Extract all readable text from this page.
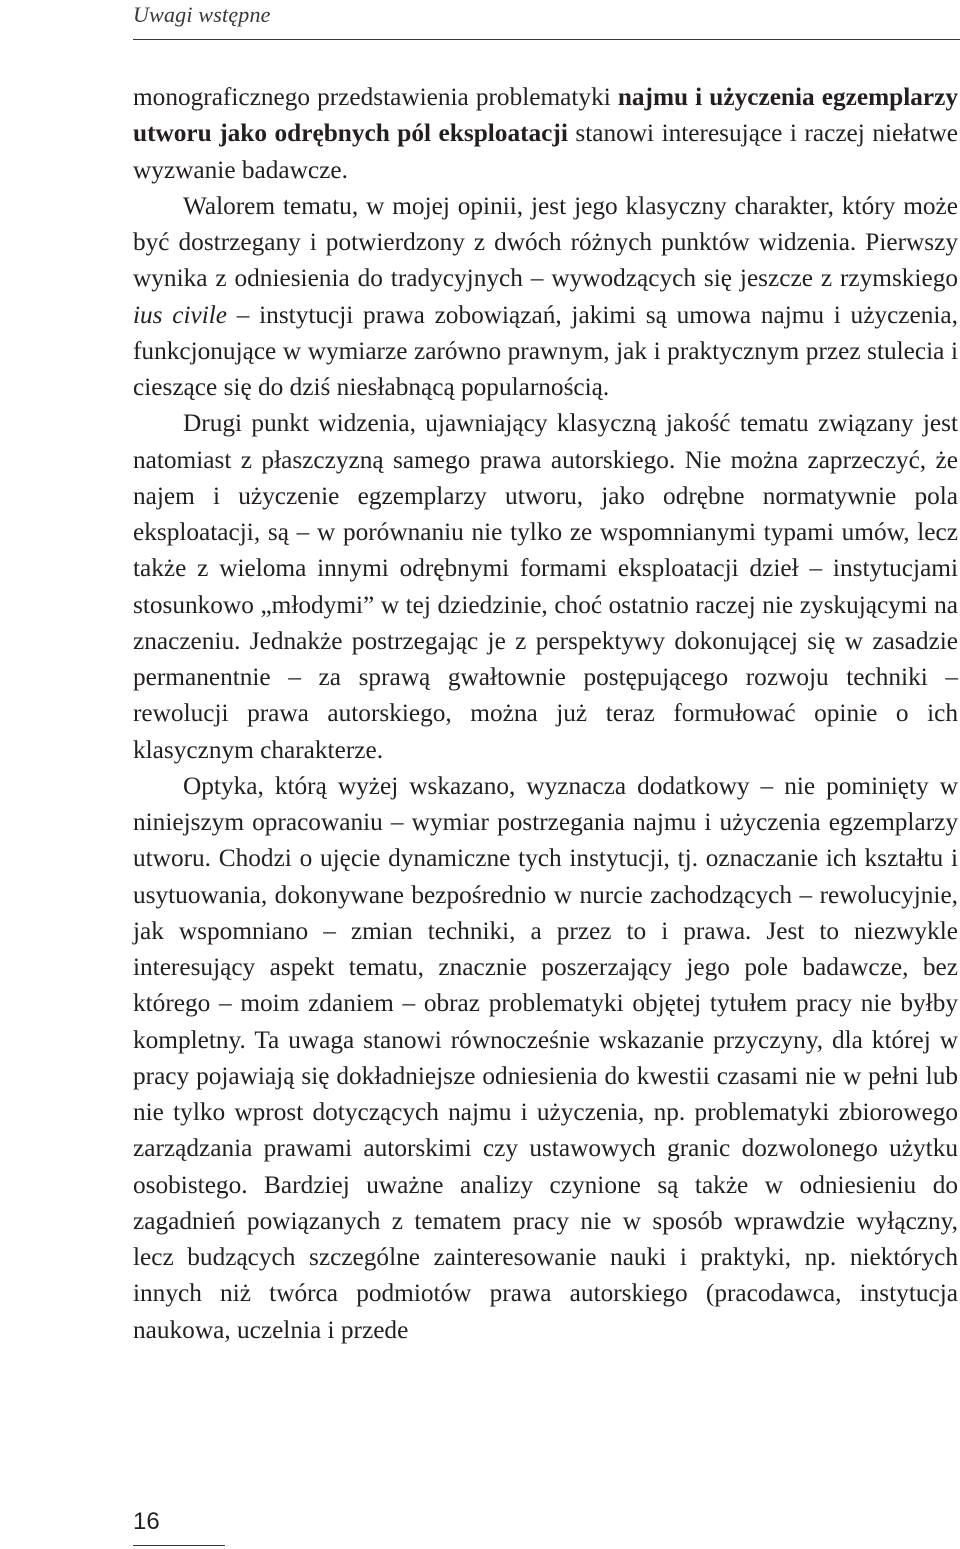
Uwagi wstępne

monograficznego przedstawienia problematyki najmu i użyczenia egzemplarzy utworu jako odrębnych pól eksploatacji stanowi interesujące i raczej niełatwe wyzwanie badawcze.

Walorem tematu, w mojej opinii, jest jego klasyczny charakter, który może być dostrzegany i potwierdzony z dwóch różnych punktów widzenia. Pierwszy wynika z odniesienia do tradycyjnych – wywodzących się jeszcze z rzymskiego ius civile – instytucji prawa zobowiązań, jakimi są umowa najmu i użyczenia, funkcjonujące w wymiarze zarówno prawnym, jak i praktycznym przez stulecia i cieszące się do dziś niesłabnącą popularnością.

Drugi punkt widzenia, ujawniający klasyczną jakość tematu związany jest natomiast z płaszczyzną samego prawa autorskiego. Nie można zaprzeczyć, że najem i użyczenie egzemplarzy utworu, jako odrębne normatywnie pola eksploatacji, są – w porównaniu nie tylko ze wspomnianymi typami umów, lecz także z wieloma innymi odrębnymi formami eksploatacji dzieł – instytucjami stosunkowo „młodymi” w tej dziedzinie, choć ostatnio raczej nie zyskującymi na znaczeniu. Jednakże postrzegając je z perspektywy dokonującej się w zasadzie permanentnie – za sprawą gwałtownie postępującego rozwoju techniki – rewolucji prawa autorskiego, można już teraz formułować opinie o ich klasycznym charakterze.

Optyka, którą wyżej wskazano, wyznacza dodatkowy – nie pominięty w niniejszym opracowaniu – wymiar postrzegania najmu i użyczenia egzemplarzy utworu. Chodzi o ujęcie dynamiczne tych instytucji, tj. oznaczanie ich kształtu i usytuowania, dokonywane bezpośrednio w nurcie zachodzących – rewolucyjnie, jak wspomniano – zmian techniki, a przez to i prawa. Jest to niezwykle interesujący aspekt tematu, znacznie poszerzający jego pole badawcze, bez którego – moim zdaniem – obraz problematyki objętej tytułem pracy nie byłby kompletny. Ta uwaga stanowi równocześnie wskazanie przyczyny, dla której w pracy pojawiają się dokładniejsze odniesienia do kwestii czasami nie w pełni lub nie tylko wprost dotyczących najmu i użyczenia, np. problematyki zbiorowego zarządzania prawami autorskimi czy ustawowych granic dozwolonego użytku osobistego. Bardziej uważne analizy czynione są także w odniesieniu do zagadnień powiązanych z tematem pracy nie w sposób wprawdzie wyłączny, lecz budzących szczególne zainteresowanie nauki i praktyki, np. niektórych innych niż twórca podmiotów prawa autorskiego (pracodawca, instytucja naukowa, uczelnia i przede

16
